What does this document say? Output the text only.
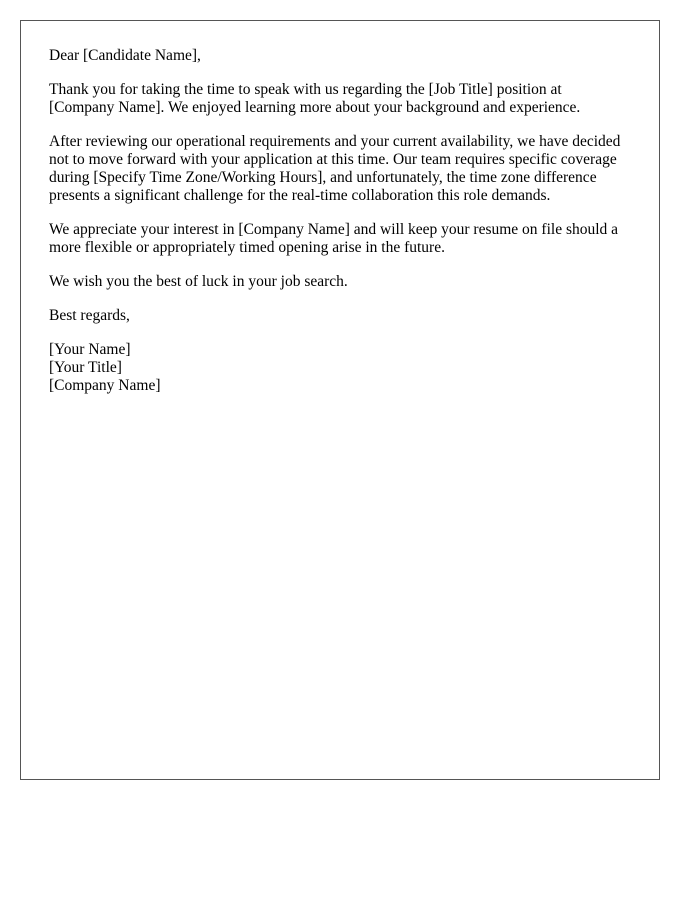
Dear [Candidate Name],

Thank you for taking the time to speak with us regarding the [Job Title] position at [Company Name]. We enjoyed learning more about your background and experience.

After reviewing our operational requirements and your current availability, we have decided not to move forward with your application at this time. Our team requires specific coverage during [Specify Time Zone/Working Hours], and unfortunately, the time zone difference presents a significant challenge for the real-time collaboration this role demands.

We appreciate your interest in [Company Name] and will keep your resume on file should a more flexible or appropriately timed opening arise in the future.

We wish you the best of luck in your job search.

Best regards,

[Your Name]
[Your Title]
[Company Name]
